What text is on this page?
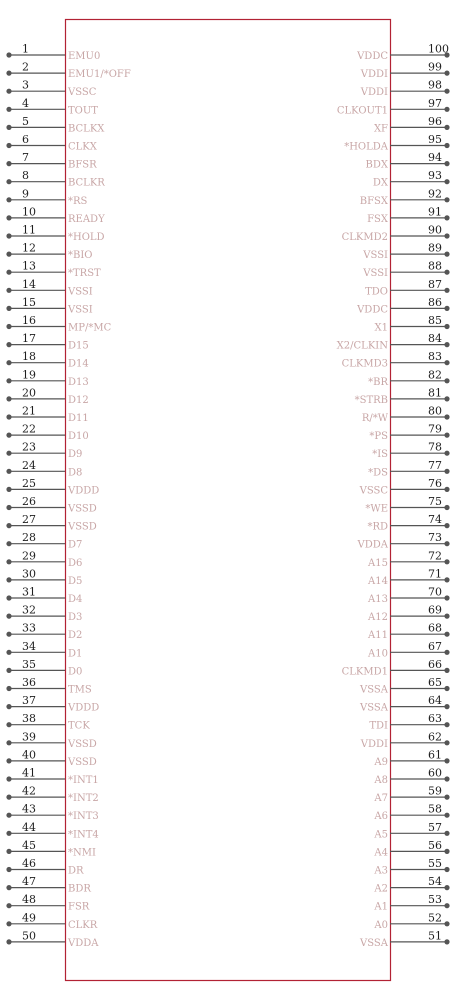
1
EMU0
2
EMU1/*OFF
3
VSSC
4
TOUT
5
BCLKX
6
CLKX
7
BFSR
8
BCLKR
9
*RS
10
READY
11
*HOLD
12
*BIO
13
*TRST
14
VSSI
15
VSSI
16
MP/*MC
17
D15
18
D14
19
D13
20
D12
21
D11
22
D10
23
D9
24
D8
25
VDDD
26
VSSD
27
VSSD
28
D7
29
D6
30
D5
31
D4
32
D3
33
D2
34
D1
35
D0
36
TMS
37
VDDD
38
TCK
39
VSSD
40
VSSD
41
*INT1
42
*INT2
43
*INT3
44
*INT4
45
*NMI
46
DR
47
BDR
48
FSR
49
CLKR
50
VDDA
100
VDDC
99
VDDI
98
VDDI
97
CLKOUT1
96
XF
95
*HOLDA
94
BDX
93
DX
92
BFSX
91
FSX
90
CLKMD2
89
VSSI
88
VSSI
87
TDO
86
VDDC
85
X1
84
X2/CLKIN
83
CLKMD3
82
*BR
81
*STRB
80
R/*W
79
*PS
78
*IS
77
*DS
76
VSSC
75
*WE
74
*RD
73
VDDA
72
A15
71
A14
70
A13
69
A12
68
A11
67
A10
66
CLKMD1
65
VSSA
64
VSSA
63
TDI
62
VDDI
61
A9
60
A8
59
A7
58
A6
57
A5
56
A4
55
A3
54
A2
53
A1
52
A0
51
VSSA
